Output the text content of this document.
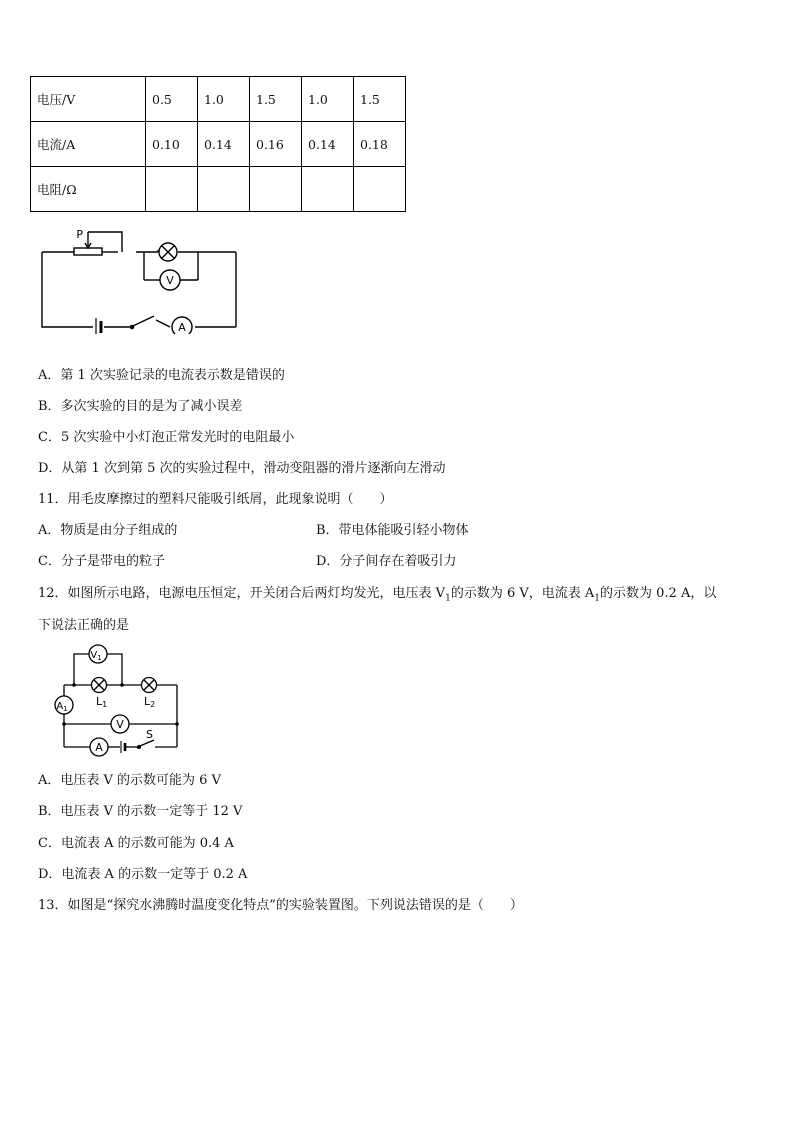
电压/V	0.5	1.0	1.5	1.0	1.5
电流/A	0.10	0.14	0.16	0.14	0.18
电阻/Ω					
P
V
A
A．第 1 次实验记录的电流表示数是错误的
B．多次实验的目的是为了减小误差
C．5 次实验中小灯泡正常发光时的电阻最小
D．从第 1 次到第 5 次的实验过程中，滑动变阻器的滑片逐渐向左滑动
11．用毛皮摩擦过的塑料尺能吸引纸屑，此现象说明（　　）
A．物质是由分子组成的	B．带电体能吸引轻小物体
C．分子是带电的粒子	D．分子间存在着吸引力
12．如图所示电路，电源电压恒定，开关闭合后两灯均发光，电压表 $V_1$的示数为 6 V，电流表 $A_1$的示数为 0.2 A，以
下说法正确的是
$V_1$
L1	L2
$A_1$
V
A
S
A．电压表 V 的示数可能为 6 V
B．电压表 V 的示数一定等于 12 V
C．电流表 A 的示数可能为 0.4 A
D．电流表 A 的示数一定等于 0.2 A
13．如图是“探究水沸腾时温度变化特点”的实验装置图。下列说法错误的是（　　）
